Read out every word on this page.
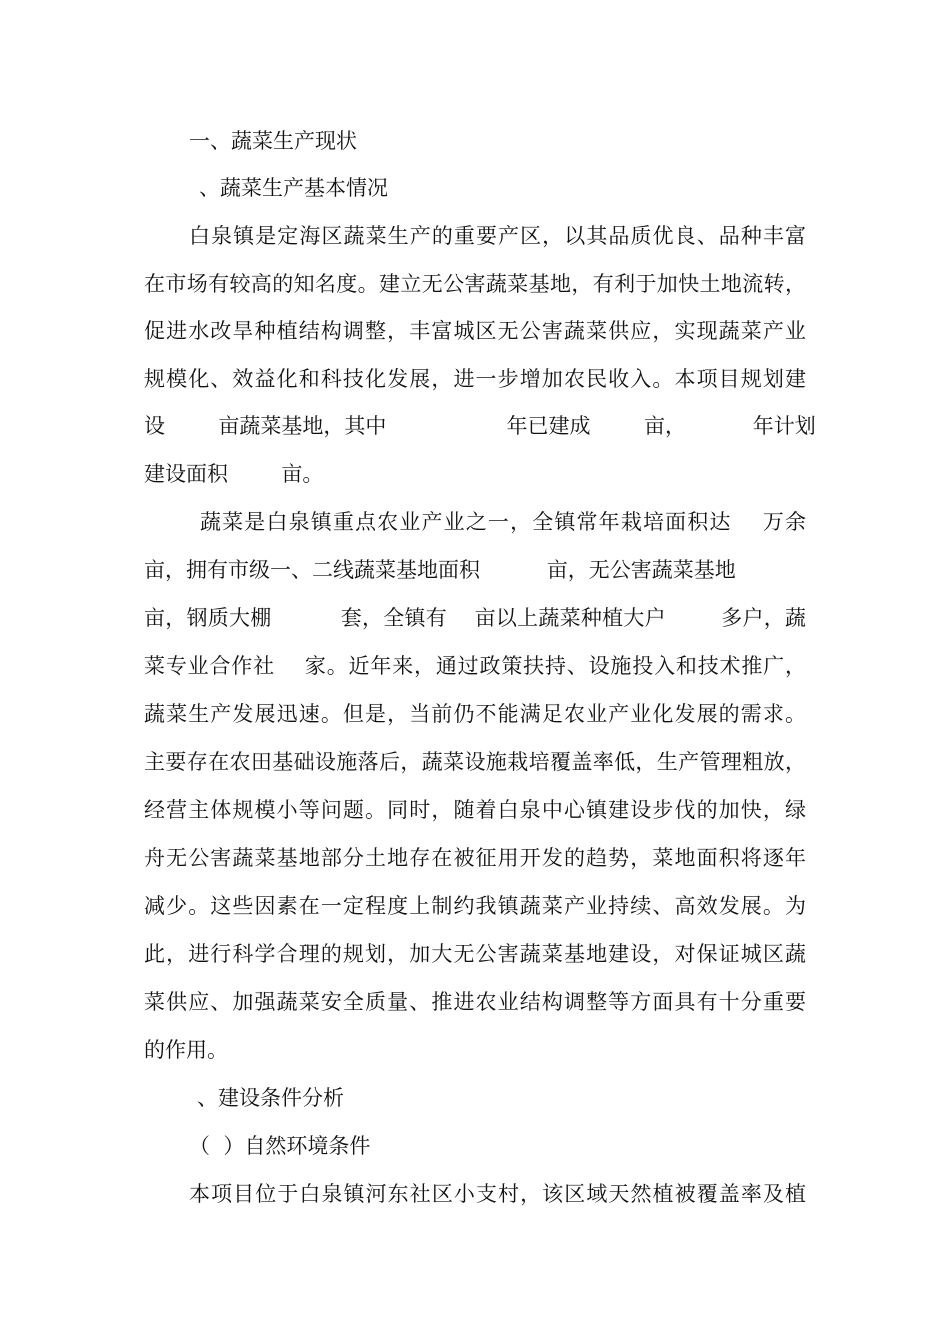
一、蔬菜生产现状
、蔬菜生产基本情况
白泉镇是定海区蔬菜生产的重要产区，以其品质优良、品种丰富
在市场有较高的知名度。建立无公害蔬菜基地，有利于加快土地流转，
促进水改旱种植结构调整，丰富城区无公害蔬菜供应，实现蔬菜产业
规模化、效益化和科技化发展，进一步增加农民收入。本项目规划建
设        亩蔬菜基地，其中                  年已建成        亩，          年计划
建设面积        亩。
蔬菜是白泉镇重点农业产业之一，全镇常年栽培面积达    万余
亩，拥有市级一、二线蔬菜基地面积          亩，无公害蔬菜基地
亩，钢质大棚          套，全镇有    亩以上蔬菜种植大户        多户，蔬
菜专业合作社    家。近年来，通过政策扶持、设施投入和技术推广，
蔬菜生产发展迅速。但是，当前仍不能满足农业产业化发展的需求。
主要存在农田基础设施落后，蔬菜设施栽培覆盖率低，生产管理粗放，
经营主体规模小等问题。同时，随着白泉中心镇建设步伐的加快，绿
舟无公害蔬菜基地部分土地存在被征用开发的趋势，菜地面积将逐年
减少。这些因素在一定程度上制约我镇蔬菜产业持续、高效发展。为
此，进行科学合理的规划，加大无公害蔬菜基地建设，对保证城区蔬
菜供应、加强蔬菜安全质量、推进农业结构调整等方面具有十分重要
的作用。
、建设条件分析
（  ）自然环境条件
本项目位于白泉镇河东社区小支村，该区域天然植被覆盖率及植
